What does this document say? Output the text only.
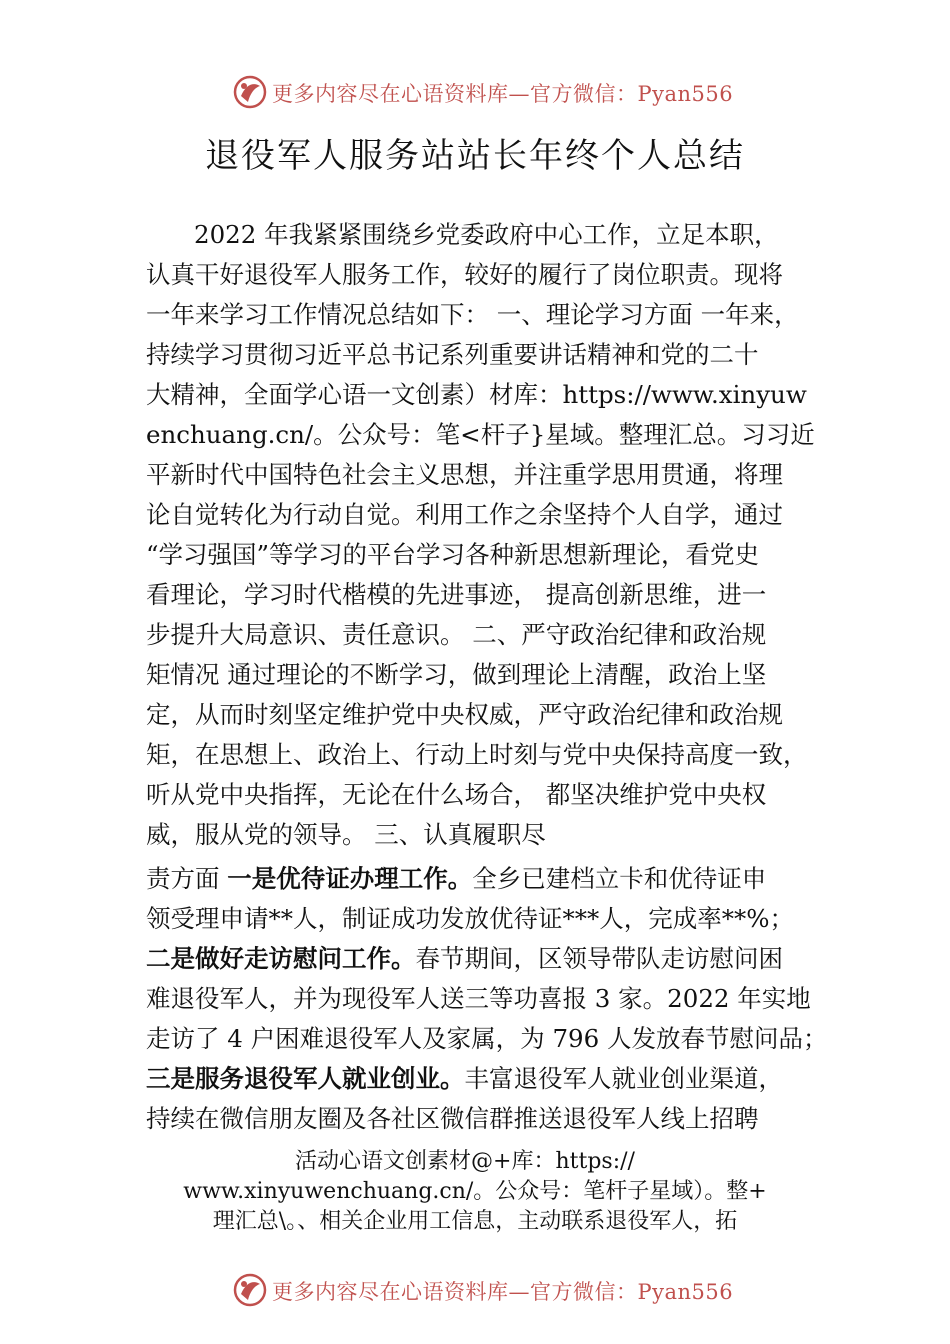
更多内容尽在心语资料库—官方微信：Pyan556
退役军人服务站站长年终个人总结
2022 年我紧紧围绕乡党委政府中心工作，立足本职，
认真干好退役军人服务工作，较好的履行了岗位职责。现将
一年来学习工作情况总结如下： 一、理论学习方面 一年来，
持续学习贯彻习近平总书记系列重要讲话精神和党的二十
大精神，全面学心语一文创素）材库：https://www.xinyuw
enchuang.cn/。公众号：笔<杆子}星域。整理汇总。习习近
平新时代中国特色社会主义思想，并注重学思用贯通，将理
论自觉转化为行动自觉。利用工作之余坚持个人自学，通过
“学习强国”等学习的平台学习各种新思想新理论，看党史
看理论，学习时代楷模的先进事迹， 提高创新思维，进一
步提升大局意识、责任意识。 二、严守政治纪律和政治规
矩情况 通过理论的不断学习，做到理论上清醒，政治上坚
定，从而时刻坚定维护党中央权威，严守政治纪律和政治规
矩，在思想上、政治上、行动上时刻与党中央保持高度一致，
听从党中央指挥，无论在什么场合， 都坚决维护党中央权
威，服从党的领导。 三、认真履职尽
责方面 一是优待证办理工作。全乡已建档立卡和优待证申
领受理申请**人，制证成功发放优待证***人，完成率**%；
二是做好走访慰问工作。春节期间，区领导带队走访慰问困
难退役军人，并为现役军人送三等功喜报 3 家。2022 年实地
走访了 4 户困难退役军人及家属，为 796 人发放春节慰问品；
三是服务退役军人就业创业。丰富退役军人就业创业渠道，
持续在微信朋友圈及各社区微信群推送退役军人线上招聘
活动心语文创素材@+库：https://
www.xinyuwenchuang.cn/。公众号：笔杆子星域）。整+
理汇总\。、相关企业用工信息，主动联系退役军人，拓
更多内容尽在心语资料库—官方微信：Pyan556
